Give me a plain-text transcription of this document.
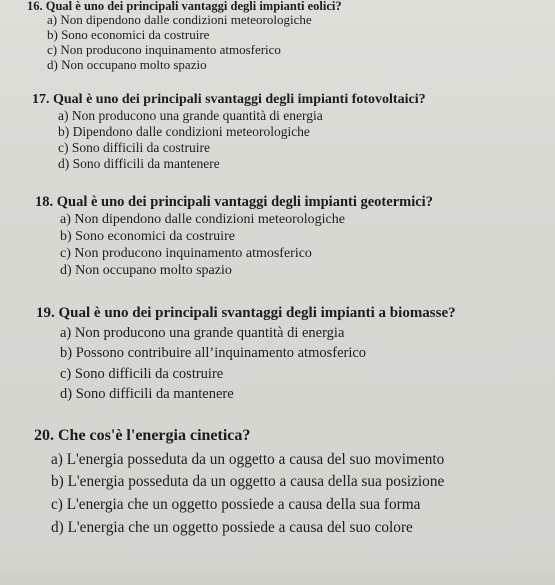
16. Qual è uno dei principali vantaggi degli impianti eolici?
a) Non dipendono dalle condizioni meteorologiche
b) Sono economici da costruire
c) Non producono inquinamento atmosferico
d) Non occupano molto spazio
17. Qual è uno dei principali svantaggi degli impianti fotovoltaici?
a) Non producono una grande quantità di energia
b) Dipendono dalle condizioni meteorologiche
c) Sono difficili da costruire
d) Sono difficili da mantenere
18. Qual è uno dei principali vantaggi degli impianti geotermici?
a) Non dipendono dalle condizioni meteorologiche
b) Sono economici da costruire
c) Non producono inquinamento atmosferico
d) Non occupano molto spazio
19. Qual è uno dei principali svantaggi degli impianti a biomasse?
a) Non producono una grande quantità di energia
b) Possono contribuire all’inquinamento atmosferico
c) Sono difficili da costruire
d) Sono difficili da mantenere
20. Che cos'è l'energia cinetica?
a) L'energia posseduta da un oggetto a causa del suo movimento
b) L'energia posseduta da un oggetto a causa della sua posizione
c) L'energia che un oggetto possiede a causa della sua forma
d) L'energia che un oggetto possiede a causa del suo colore
